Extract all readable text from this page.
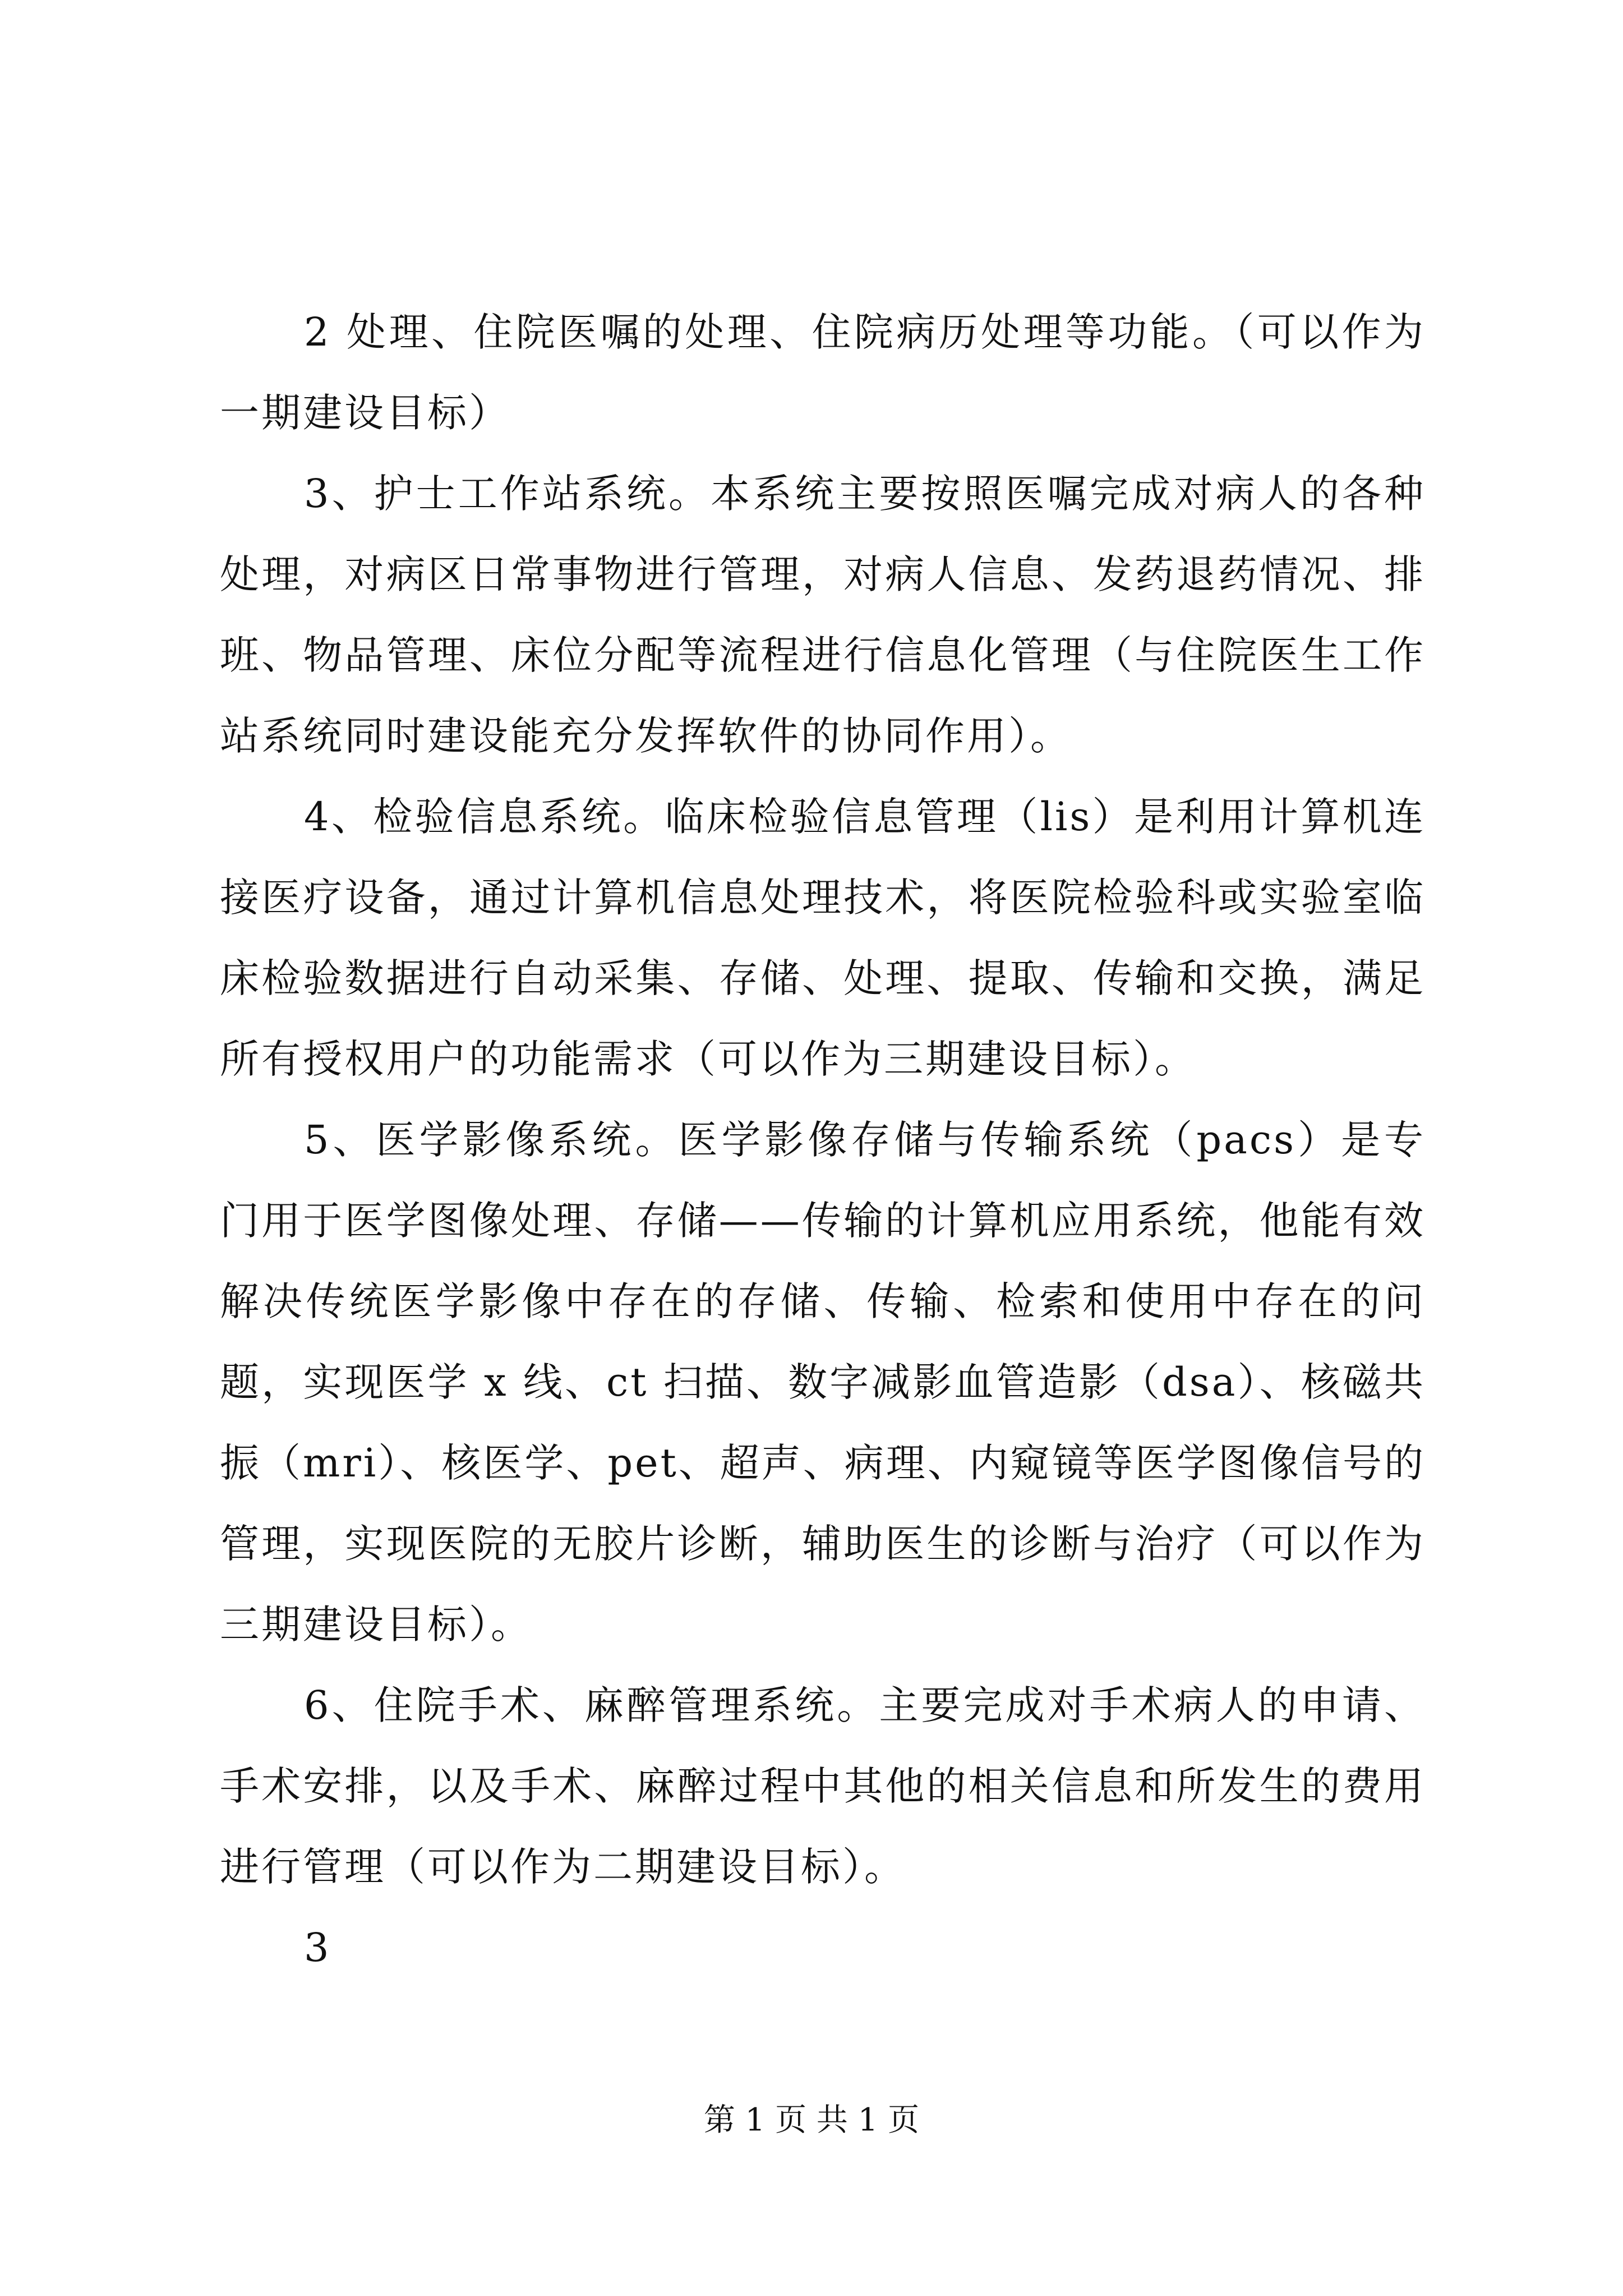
2 处理、住院医嘱的处理、住院病历处理等功能。（可以作为一期建设目标）

3、护士工作站系统。本系统主要按照医嘱完成对病人的各种处理，对病区日常事物进行管理，对病人信息、发药退药情况、排班、物品管理、床位分配等流程进行信息化管理（与住院医生工作站系统同时建设能充分发挥软件的协同作用）。

4、检验信息系统。临床检验信息管理（lis）是利用计算机连接医疗设备，通过计算机信息处理技术，将医院检验科或实验室临床检验数据进行自动采集、存储、处理、提取、传输和交换，满足所有授权用户的功能需求（可以作为三期建设目标）。

5、医学影像系统。医学影像存储与传输系统（pacs）是专门用于医学图像处理、存储——传输的计算机应用系统，他能有效解决传统医学影像中存在的存储、传输、检索和使用中存在的问题，实现医学 x 线、ct 扫描、数字减影血管造影（dsa）、核磁共振（mri）、核医学、pet、超声、病理、内窥镜等医学图像信号的管理，实现医院的无胶片诊断，辅助医生的诊断与治疗（可以作为三期建设目标）。

6、住院手术、麻醉管理系统。主要完成对手术病人的申请、手术安排，以及手术、麻醉过程中其他的相关信息和所发生的费用进行管理（可以作为二期建设目标）。

3
第 1 页 共 1 页
